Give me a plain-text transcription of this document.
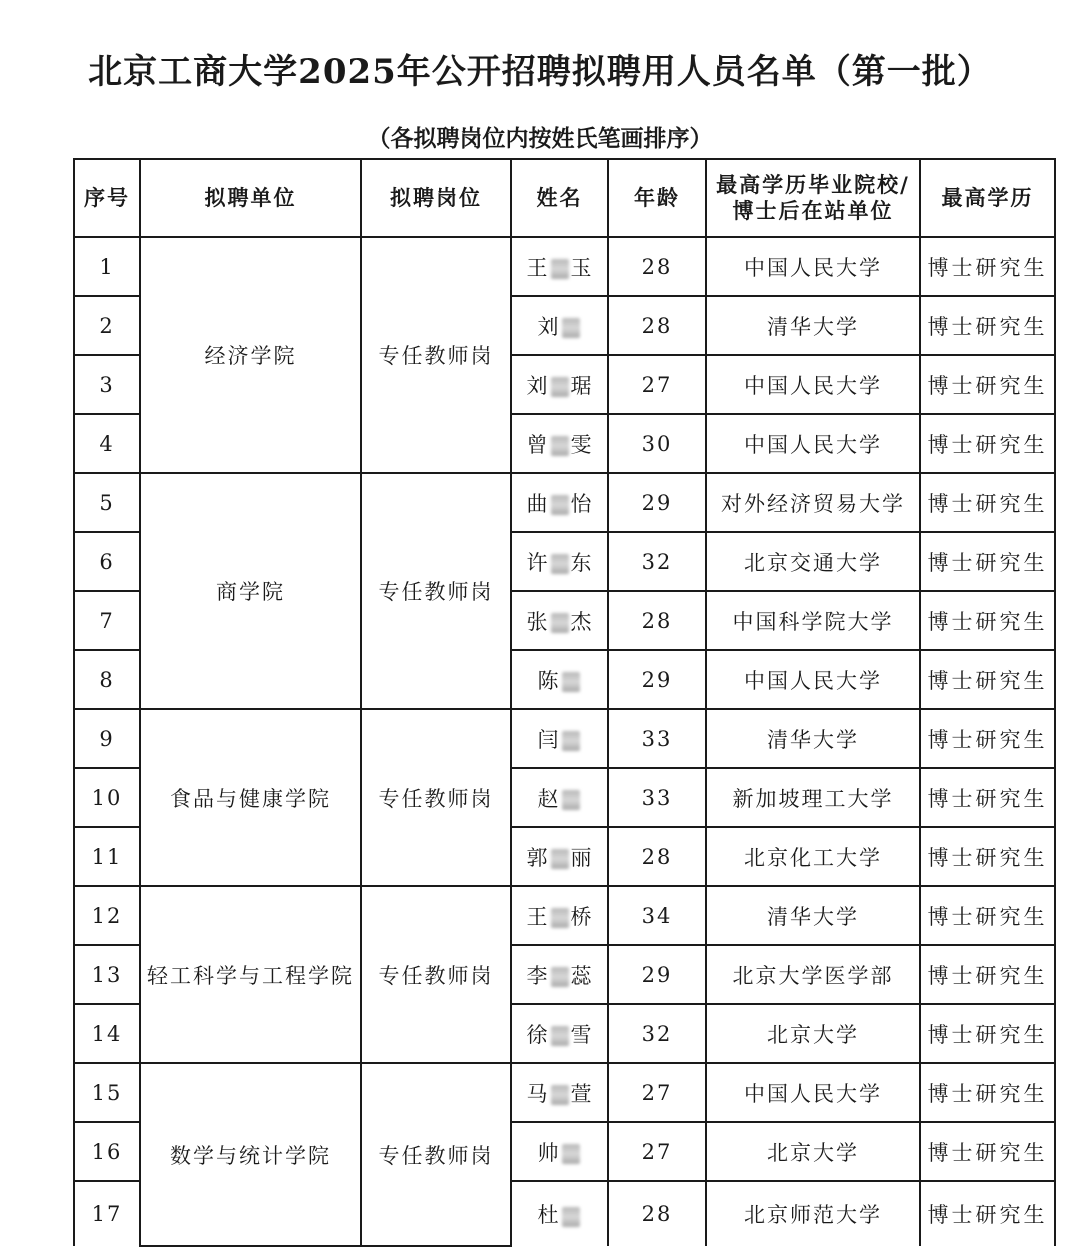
北京工商大学2025年公开招聘拟聘用人员名单（第一批）
（各拟聘岗位内按姓氏笔画排序）
序号	拟聘单位	拟聘岗位	姓名	年龄	最高学历毕业院校/
博士后在站单位	最高学历
1	经济学院	专任教师岗	王 玉	28	中国人民大学	博士研究生
2			刘	28	清华大学	博士研究生
3			刘 琚	27	中国人民大学	博士研究生
4			曾 雯	30	中国人民大学	博士研究生
5	商学院	专任教师岗	曲 怡	29	对外经济贸易大学	博士研究生
6			许 东	32	北京交通大学	博士研究生
7			张 杰	28	中国科学院大学	博士研究生
8			陈	29	中国人民大学	博士研究生
9	食品与健康学院	专任教师岗	闫	33	清华大学	博士研究生
10			赵	33	新加坡理工大学	博士研究生
11			郭 丽	28	北京化工大学	博士研究生
12	轻工科学与工程学院	专任教师岗	王 桥	34	清华大学	博士研究生
13			李 蕊	29	北京大学医学部	博士研究生
14			徐 雪	32	北京大学	博士研究生
15	数学与统计学院	专任教师岗	马 萱	27	中国人民大学	博士研究生
16			帅	27	北京大学	博士研究生
17			杜	28	北京师范大学	博士研究生
